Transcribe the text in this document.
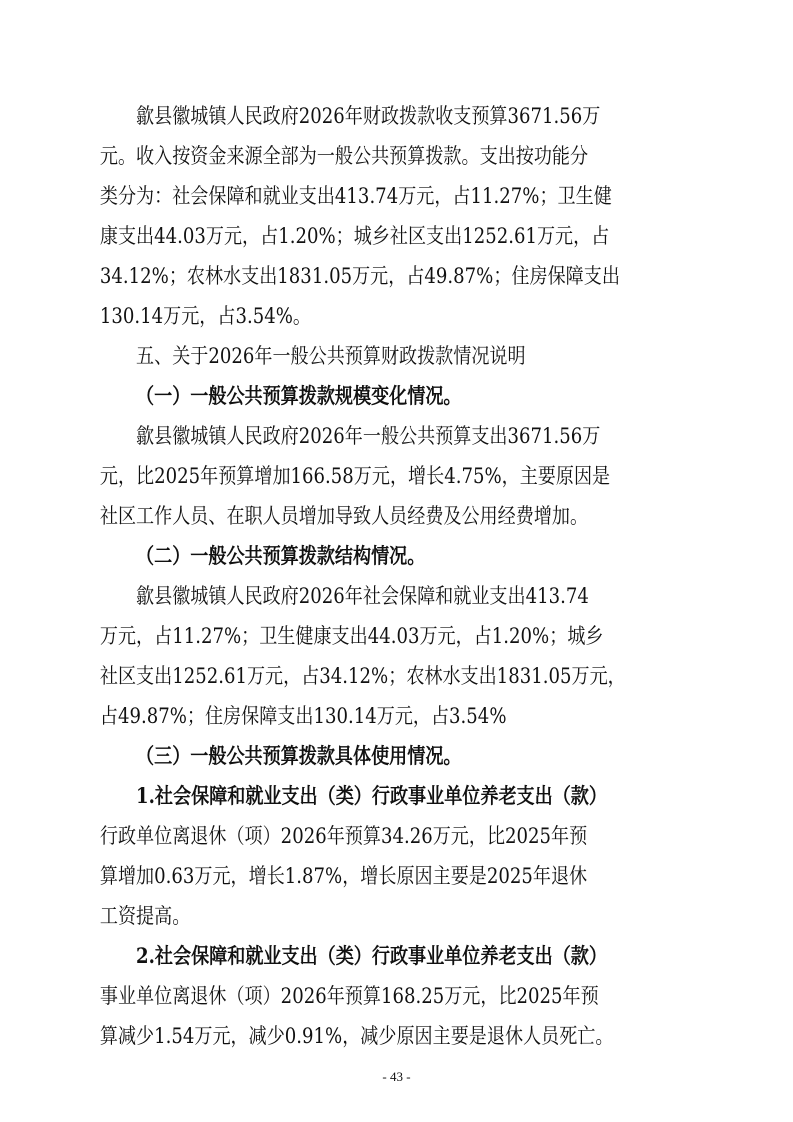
歙县徽城镇人民政府2026年财政拨款收支预算3671.56万
元。收入按资金来源全部为一般公共预算拨款。支出按功能分
类分为：社会保障和就业支出413.74万元，占11.27%；卫生健
康支出44.03万元，占1.20%；城乡社区支出1252.61万元，占
34.12%；农林水支出1831.05万元，占49.87%；住房保障支出
130.14万元，占3.54%。
五、关于2026年一般公共预算财政拨款情况说明
（一）一般公共预算拨款规模变化情况。
歙县徽城镇人民政府2026年一般公共预算支出3671.56万
元，比2025年预算增加166.58万元，增长4.75%，主要原因是
社区工作人员、在职人员增加导致人员经费及公用经费增加。
（二）一般公共预算拨款结构情况。
歙县徽城镇人民政府2026年社会保障和就业支出413.74
万元，占11.27%；卫生健康支出44.03万元，占1.20%；城乡
社区支出1252.61万元，占34.12%；农林水支出1831.05万元，
占49.87%；住房保障支出130.14万元，占3.54%
（三）一般公共预算拨款具体使用情况。
1.社会保障和就业支出（类）行政事业单位养老支出（款）
行政单位离退休（项）2026年预算34.26万元，比2025年预
算增加0.63万元，增长1.87%，增长原因主要是2025年退休
工资提高。
2.社会保障和就业支出（类）行政事业单位养老支出（款）
事业单位离退休（项）2026年预算168.25万元，比2025年预
算减少1.54万元，减少0.91%，减少原因主要是退休人员死亡。
- 43 -
